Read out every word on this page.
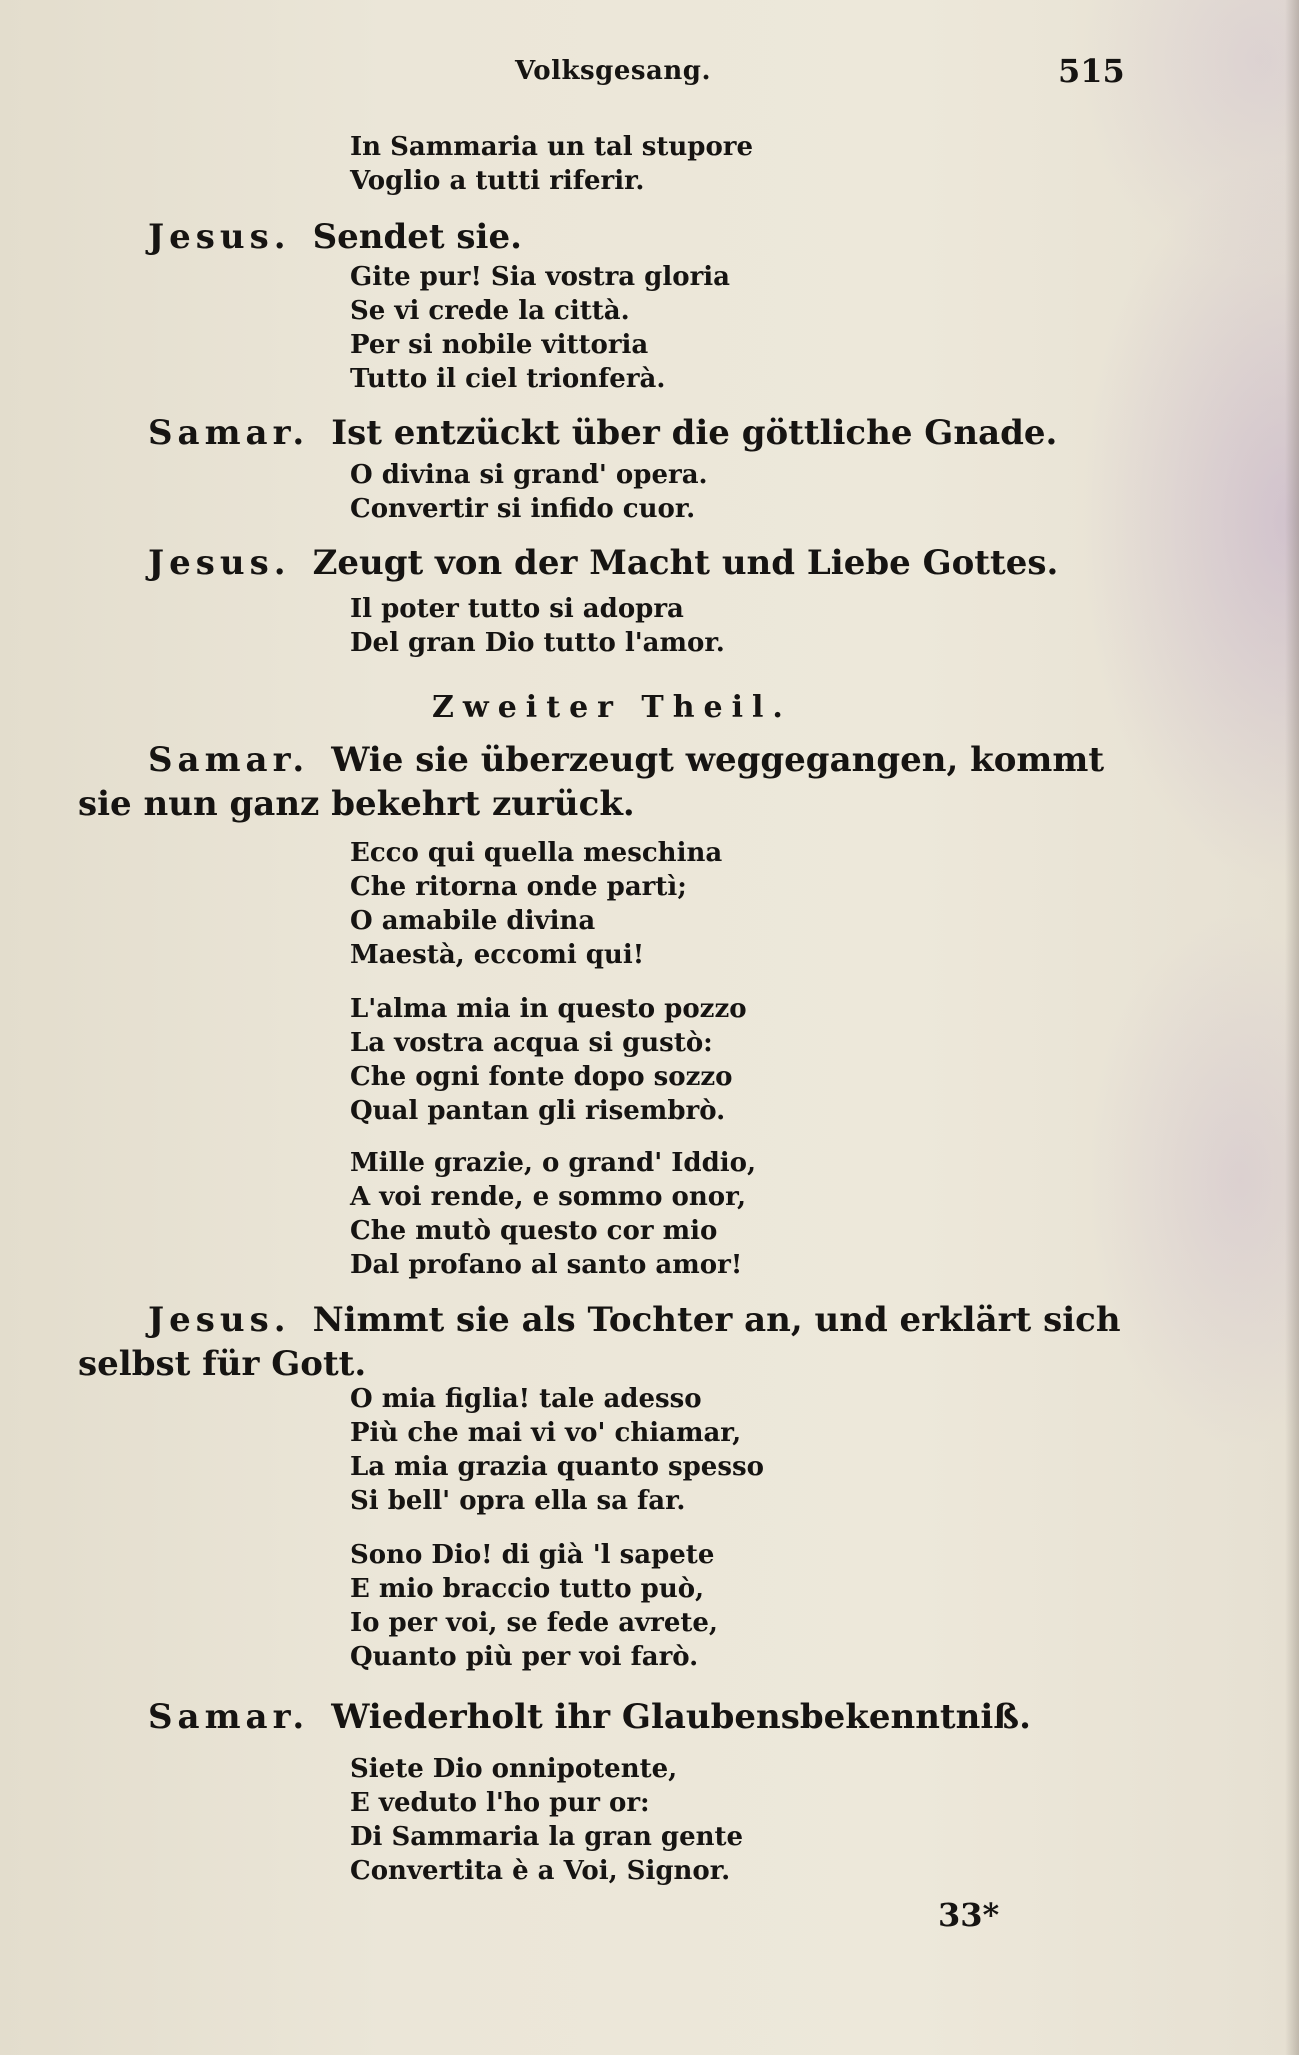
Volksgesang.	515
In Sammaria un tal stupore
Voglio a tutti riferir.
Jesus. Sendet sie.
Gite pur! Sia vostra gloria
Se vi crede la città.
Per si nobile vittoria
Tutto il ciel trionferà.
Samar. Ist entzückt über die göttliche Gnade.
O divina si grand' opera.
Convertir si infido cuor.
Jesus. Zeugt von der Macht und Liebe Gottes.
Il poter tutto si adopra
Del gran Dio tutto l'amor.
Zweiter Theil.
Samar. Wie sie überzeugt weggegangen, kommt sie nun ganz bekehrt zurück.
Ecco qui quella meschina
Che ritorna onde partì;
O amabile divina
Maestà, eccomi qui!
L'alma mia in questo pozzo
La vostra acqua si gustò:
Che ogni fonte dopo sozzo
Qual pantan gli risembrò.
Mille grazie, o grand' Iddio,
A voi rende, e sommo onor,
Che mutò questo cor mio
Dal profano al santo amor!
Jesus. Nimmt sie als Tochter an, und erklärt sich selbst für Gott.
O mia figlia! tale adesso
Più che mai vi vo' chiamar,
La mia grazia quanto spesso
Si bell' opra ella sa far.
Sono Dio! di già 'l sapete
E mio braccio tutto può,
Io per voi, se fede avrete,
Quanto più per voi farò.
Samar. Wiederholt ihr Glaubensbekenntniß.
Siete Dio onnipotente,
E veduto l'ho pur or:
Di Sammaria la gran gente
Convertita è a Voi, Signor.
33*
